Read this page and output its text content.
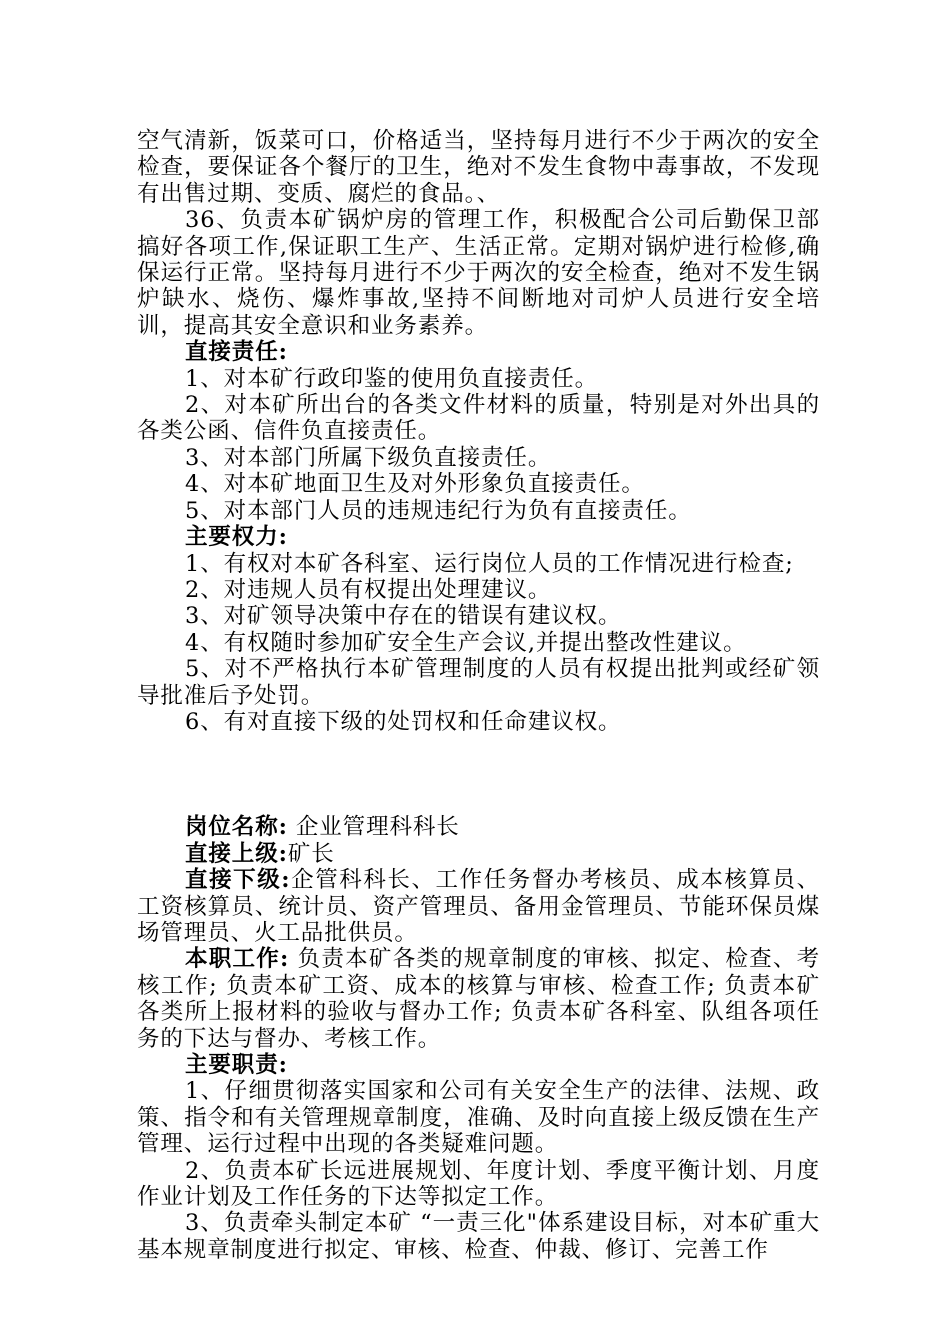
空气清新，饭菜可口，价格适当，坚持每月进行不少于两次的安全检查，要保证各个餐厅的卫生，绝对不发生食物中毒事故，不发现有出售过期、变质、腐烂的食品。、

36、负责本矿锅炉房的管理工作，积极配合公司后勤保卫部搞好各项工作,保证职工生产、生活正常。定期对锅炉进行检修,确保运行正常。坚持每月进行不少于两次的安全检查，绝对不发生锅炉缺水、烧伤、爆炸事故,坚持不间断地对司炉人员进行安全培训，提高其安全意识和业务素养。

直接责任:

1、对本矿行政印鉴的使用负直接责任。

2、对本矿所出台的各类文件材料的质量，特别是对外出具的各类公函、信件负直接责任。

3、对本部门所属下级负直接责任。

4、对本矿地面卫生及对外形象负直接责任。

5、对本部门人员的违规违纪行为负有直接责任。

主要权力:

1、有权对本矿各科室、运行岗位人员的工作情况进行检查;

2、对违规人员有权提出处理建议。

3、对矿领导决策中存在的错误有建议权。

4、有权随时参加矿安全生产会议,并提出整改性建议。

5、对不严格执行本矿管理制度的人员有权提出批判或经矿领导批准后予处罚。

6、有对直接下级的处罚权和任命建议权。

岗位名称: 企业管理科科长

直接上级:矿长

直接下级:企管科科长、工作任务督办考核员、成本核算员、工资核算员、统计员、资产管理员、备用金管理员、节能环保员煤场管理员、火工品批供员。

本职工作: 负责本矿各类的规章制度的审核、拟定、检查、考核工作; 负责本矿工资、成本的核算与审核、检查工作; 负责本矿各类所上报材料的验收与督办工作; 负责本矿各科室、队组各项任务的下达与督办、考核工作。

主要职责:

1、仔细贯彻落实国家和公司有关安全生产的法律、法规、政策、指令和有关管理规章制度，准确、及时向直接上级反馈在生产管理、运行过程中出现的各类疑难问题。

2、负责本矿长远进展规划、年度计划、季度平衡计划、月度作业计划及工作任务的下达等拟定工作。

3、负责牵头制定本矿 “一责三化"体系建设目标，对本矿重大基本规章制度进行拟定、审核、检查、仲裁、修订、完善工作
